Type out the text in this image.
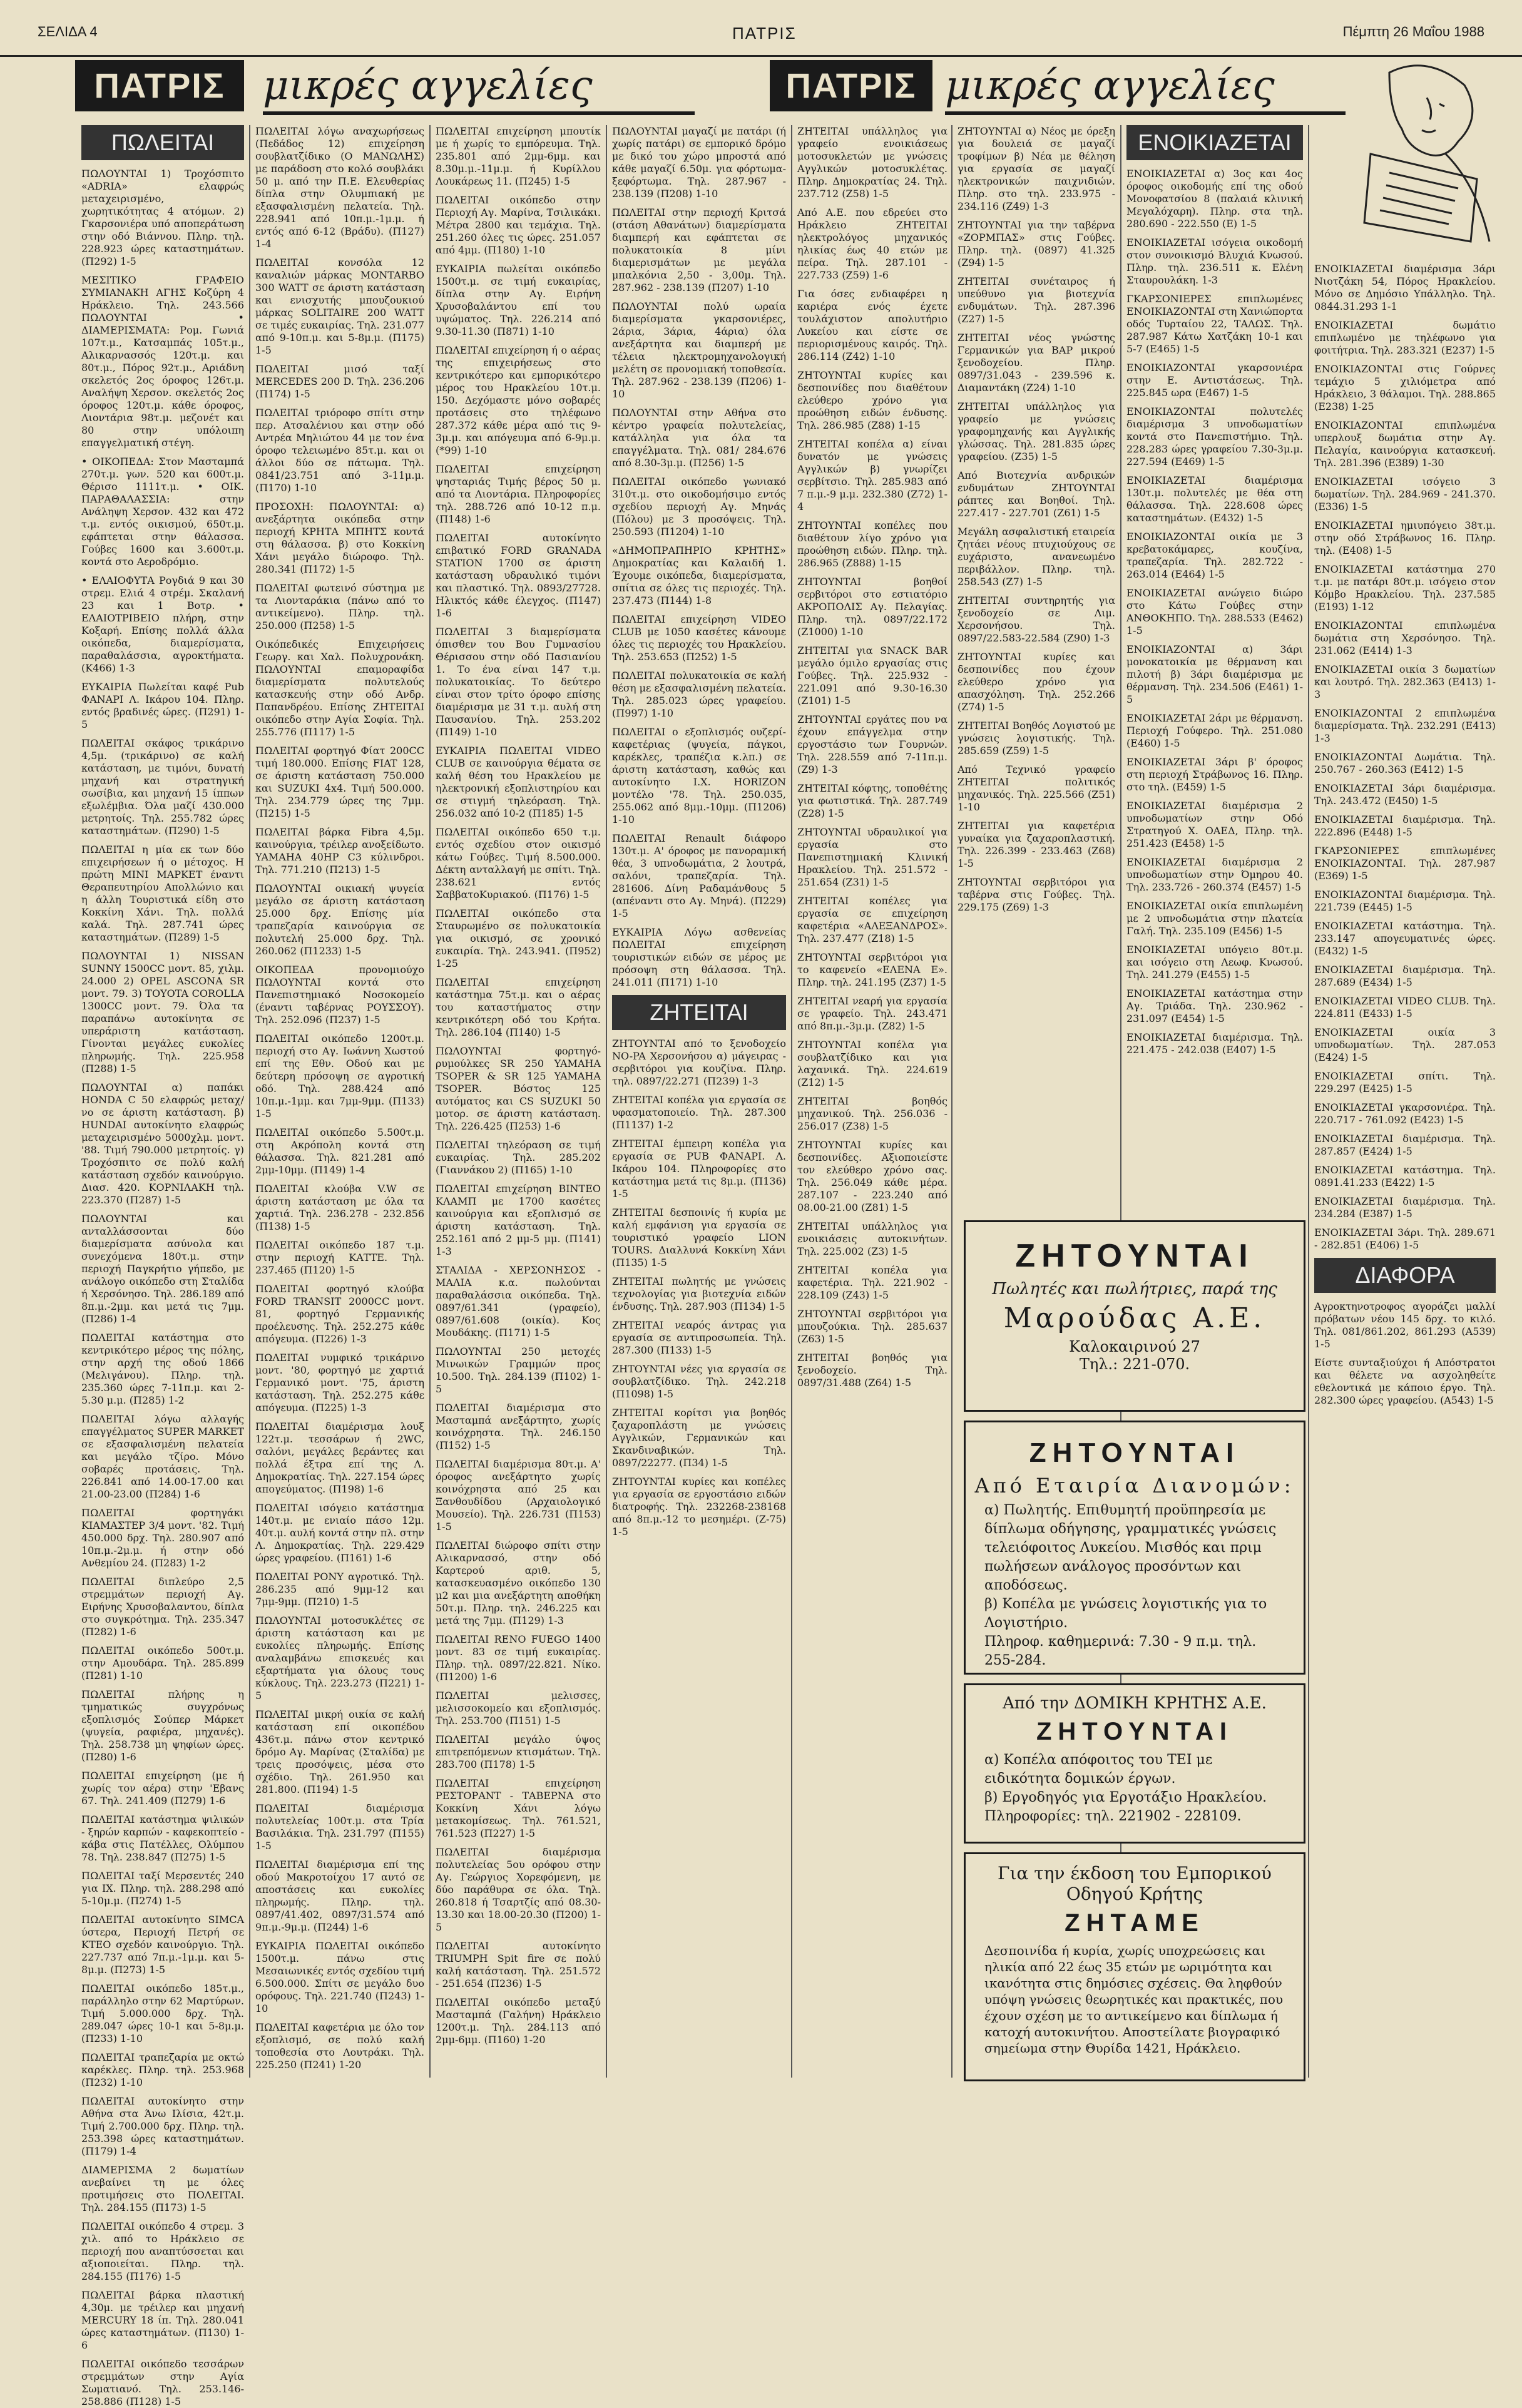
ΣΕΛΙΔΑ 4	ΠΑΤΡΙΣ	Πέμπτη 26 Μαΐου 1988
ΠΑΤΡΙΣ μικρές αγγελίες	ΠΑΤΡΙΣ μικρές αγγελίες
ΠΩΛΕΙΤΑΙ

ΠΩΛΟΥΝΤΑΙ 1) Τροχόσπιτο «ADRIA» ελαφρώς μεταχειρισμένο, χωρητικότητας 4 ατόμων. 2) Γκαρσονιέρα υπό αποπεράτωση στην οδό Βιάννου. Πληρ. τηλ. 228.923 ώρες καταστημάτων. (Π292) 1-5

ΜΕΣΙΤΙΚΟ ΓΡΑΦΕΙΟ ΣΥΜΙΑΝΑΚΗ ΑΓΗΣ Κοζύρη 4 Ηράκλειο. Τηλ. 243.566 ΠΩΛΟΥΝΤΑΙ • ΔΙΑΜΕΡΙΣΜΑΤΑ: Ρομ. Γωνιά 107τ.μ., Κατσαμπάς 105τ.μ., Αλικαρνασσός 120τ.μ. και 80τ.μ., Πόρος 92τ.μ., Αριάδνη σκελετός 2ος όροφος 126τ.μ. Αναλήψη Χερσον. σκελετός 2ος όροφος 120τ.μ. κάθε όροφος, Λιοντάρια 98τ.μ. μεζονέτ και 80 στην υπόλοιπη επαγγελματική στέγη.

• ΟΙΚΟΠΕΔΑ: Στον Μασταμπά 270τ.μ. γων. 520 και 600τ.μ. Θέρισο 1111τ.μ. • ΟΙΚ. ΠΑΡΑΘΑΛΑΣΣΙΑ: στην Ανάληψη Χερσον. 432 και 472 τ.μ. εντός οικισμού, 650τ.μ. εφάπτεται στην θάλασσα. Γούβες 1600 και 3.600τ.μ. κοντά στο Αεροδρόμιο.

• ΕΛΑΙΟΦΥΤΑ Ρογδιά 9 και 30 στρεμ. Ελιά 4 στρέμ. Σκαλανή 23 και 1 Βοτρ. • ΕΛΑΙΟΤΡΙΒΕΙΟ πλήρη, στην Κοξαρή. Επίσης πολλά άλλα οικόπεδα, διαμερίσματα, παραθαλάσσια, αγροκτήματα. (Κ466) 1-3

ΕΥΚΑΙΡΙΑ Πωλείται καφέ Pub ΦΑΝΑΡΙ Λ. Ικάρου 104. Πληρ. εντός βραδινές ώρες. (Π291) 1-5

ΠΩΛΕΙΤΑΙ σκάφος τρικάρινο 4,5μ. (τρικάρινο) σε καλή κατάσταση, με τιμόνι, δυνατή μηχανή και στρατηγική σωσίβια, και μηχανή 15 ίππων εξωλέμβια. Όλα μαζί 430.000 μετρητοίς. Τηλ. 255.782 ώρες καταστημάτων. (Π290) 1-5

ΠΩΛΕΙΤΑΙ η μία εκ των δύο επιχειρήσεων ή ο μέτοχος. Η πρώτη ΜΙΝΙ ΜΑΡΚΕΤ έναντι Θεραπευτηρίου Απολλώνιο και η άλλη Τουριστικά είδη στο Κοκκίνη Χάνι. Τηλ. πολλά καλά. Τηλ. 287.741 ώρες καταστημάτων. (Π289) 1-5

ΠΩΛΟΥΝΤΑΙ 1) NISSAN SUNNY 1500CC μοντ. 85, χιλμ. 24.000 2) OPEL ASCONA SR μοντ. 79. 3) TOYOTA COROLLA 1300CC μοντ. 79. Όλα τα παραπάνω αυτοκίνητα σε υπεράριστη κατάσταση. Γίνονται μεγάλες ευκολίες πληρωμής. Τηλ. 225.958 (Π288) 1-5

ΠΩΛΟΥΝΤΑΙ α) παπάκι HONDA C 50 ελαφρώς μεταχ/νο σε άριστη κατάσταση. β) HUNDAI αυτοκίνητο ελαφρώς μεταχειρισμένο 5000χλμ. μοντ. '88. Τιμή 790.000 μετρητοίς. γ) Τροχόσπιτο σε πολύ καλή κατάσταση σχεδόν καινούργιο. Διασ. 420. ΚΟΡΝΙΛΑΚΗ τηλ. 223.370 (Π287) 1-5

ΠΩΛΟΥΝΤΑΙ και ανταλλάσσονται δύο διαμερίσματα ασύνολα και συνεχόμενα 180τ.μ. στην περιοχή Παγκρήτιο γήπεδο, με ανάλογο οικόπεδο στη Σταλίδα ή Χερσόνησο. Τηλ. 286.189 από 8π.μ.-2μμ. και μετά τις 7μμ. (Π286) 1-4

ΠΩΛΕΙΤΑΙ κατάστημα στο κεντρικότερο μέρος της πόλης, στην αρχή της οδού 1866 (Μελιγάνου). Πληρ. τηλ. 235.360 ώρες 7-11π.μ. και 2-5.30 μ.μ. (Π285) 1-2

ΠΩΛΕΙΤΑΙ λόγω αλλαγής επαγγέλματος SUPER MARKET σε εξασφαλισμένη πελατεία και μεγάλο τζίρο. Μόνο σοβαρές προτάσεις. Τηλ. 226.841 από 14.00-17.00 και 21.00-23.00 (Π284) 1-6

ΠΩΛΕΙΤΑΙ φορτηγάκι ΚΙΑΜΑΣΤΕΡ 3/4 μοντ. '82. Τιμή 450.000 δρχ. Τηλ. 280.907 από 10π.μ.-2μ.μ. ή στην οδό Ανθεμίου 24. (Π283) 1-2

ΠΩΛΕΙΤΑΙ διπλεύρο 2,5 στρεμμάτων περιοχή Αγ. Ειρήνης Χρυσοβαλαντου, δίπλα στο συγκρότημα. Τηλ. 235.347 (Π282) 1-6

ΠΩΛΕΙΤΑΙ οικόπεδο 500τ.μ. στην Αμουδάρα. Τηλ. 285.899 (Π281) 1-10

ΠΩΛΕΙΤΑΙ πλήρης η τμηματικώς συγχρόνως εξοπλισμός Σούπερ Μάρκετ (ψυγεία, ραφιέρα, μηχανές). Τηλ. 258.738 μη ψηφίων ώρες. (Π280) 1-6

ΠΩΛΕΙΤΑΙ επιχείρηση (με ή χωρίς τον αέρα) στην 'Εβανς 67. Τηλ. 241.409 (Π279) 1-6

ΠΩΛΕΙΤΑΙ κατάστημα ψιλικών - ξηρών καρπών - καφεκοπτείο - κάβα στις Πατέλλες, Ολύμπου 78. Τηλ. 238.847 (Π275) 1-5

ΠΩΛΕΙΤΑΙ ταξί Μερσεντές 240 για ΙΧ. Πληρ. τηλ. 288.298 από 5-10μ.μ. (Π274) 1-5

ΠΩΛΕΙΤΑΙ αυτοκίνητο SIMCA ύστερα, Περιοχή Πετρή σε ΚΤΕΟ σχεδόν καινούργιο. Τηλ. 227.737 από 7π.μ.-1μ.μ. και 5-8μ.μ. (Π273) 1-5

ΠΩΛΕΙΤΑΙ οικόπεδο 185τ.μ., παράλληλο στην 62 Μαρτύρων. Τιμή 5.000.000 δρχ. Τηλ. 289.047 ώρες 10-1 και 5-8μ.μ. (Π233) 1-10

ΠΩΛΕΙΤΑΙ τραπεζαρία με οκτώ καρέκλες. Πληρ. τηλ. 253.968 (Π232) 1-10

ΠΩΛΕΙΤΑΙ αυτοκίνητο στην Αθήνα στα Άνω Ιλίσια, 42τ.μ. Τιμή 2.700.000 δρχ. Πληρ. τηλ. 253.398 ώρες καταστημάτων. (Π179) 1-4

ΔΙΑΜΕΡΙΣΜΑ 2 δωματίων ανεβαίνει τη με όλες προτιμήσεις στο ΠΟΛΕΙΤΑΙ. Τηλ. 284.155 (Π173) 1-5

ΠΩΛΕΙΤΑΙ οικόπεδο 4 στρεμ. 3 χιλ. από το Ηράκλειο σε περιοχή που αναπτύσσεται και αξιοποιείται. Πληρ. τηλ. 284.155 (Π176) 1-5

ΠΩΛΕΙΤΑΙ βάρκα πλαστική 4,30μ. με τρέιλερ και μηχανή MERCURY 18 ίπ. Τηλ. 280.041 ώρες καταστημάτων. (Π130) 1-6

ΠΩΛΕΙΤΑΙ οικόπεδο τεσσάρων στρεμμάτων στην Αγία Σωματιανό. Τηλ. 253.146-258.886 (Π128) 1-5

ΠΩΛΕΙΤΑΙ λόγω αναχωρήσεως (Πεδάδος 12) επιχείρηση σουβλατζίδικο (Ο ΜΑΝΩΛΗΣ) με παράδοση στο κολό σουβλάκι 50 μ. από την Π.Ε. Ελευθερίας δίπλα στην Ολυμπιακή με εξασφαλισμένη πελατεία. Τηλ. 228.941 από 10π.μ.-1μ.μ. ή εντός από 6-12 (Βράδυ). (Π127) 1-4

ΠΩΛΕΙΤΑΙ κονσόλα 12 καναλιών μάρκας MONTARBO 300 WATT σε άριστη κατάσταση και ενισχυτής μπουζουκιού μάρκας SOLITAIRE 200 WATT σε τιμές ευκαιρίας. Τηλ. 231.077 από 9-10π.μ. και 5-8μ.μ. (Π175) 1-5

ΠΩΛΕΙΤΑΙ μισό ταξί MERCEDES 200 D. Τηλ. 236.206 (Π174) 1-5

ΠΩΛΕΙΤΑΙ τριόροφο σπίτι στην περ. Ατσαλένιου και στην οδό Αντρέα Μηλιώτου 44 με τον ένα όροφο τελειωμένο 85τ.μ. και οι άλλοι δύο σε πάτωμα. Τηλ. 0841/23.751 από 3-11μ.μ. (Π170) 1-10

ΠΡΟΣΟΧΗ: ΠΩΛΟΥΝΤΑΙ: α) ανεξάρτητα οικόπεδα στην περιοχή ΚΡΗΤΑ ΜΠΗΤΣ κοντά στη θάλασσα. β) στο Κοκκίνη Χάνι μεγάλο διώροφο. Τηλ. 280.341 (Π172) 1-5

ΠΩΛΕΙΤΑΙ φωτεινό σύστημα με τα Λιονταράκια (πάνω από το αντικείμενο). Πληρ. τηλ. 250.000 (Π258) 1-5

Οικόπεδικές Επιχειρήσεις Γεωργ. και Χαλ. Πολυχρονάκη. ΠΩΛΟΥΝΤΑΙ επαμοραφίδα διαμερίσματα πολυτελούς κατασκευής στην οδό Ανδρ. Παπανδρέου. Επίσης ΖΗΤΕΙΤΑΙ οικόπεδο στην Αγία Σοφία. Τηλ. 255.776 (Π117) 1-5

ΠΩΛΕΙΤΑΙ φορτηγό Φίατ 200CC τιμή 180.000. Επίσης FIAT 128, σε άριστη κατάσταση 750.000 και SUZUKI 4x4. Τιμή 500.000. Τηλ. 234.779 ώρες της 7μμ. (Π215) 1-5

ΠΩΛΕΙΤΑΙ βάρκα Fibra 4,5μ. καινούργια, τρέιλερ ανοξείδωτο. YAMAHA 40HP C3 κύλινδροι. Τηλ. 771.210 (Π213) 1-5

ΠΩΛΟΥΝΤΑΙ οικιακή ψυγεία μεγάλο σε άριστη κατάσταση 25.000 δρχ. Επίσης μία τραπεζαρία καινούργια σε πολυτελή 25.000 δρχ. Τηλ. 260.062 (Π1233) 1-5

ΟΙΚΟΠΕΔΑ προνομιούχο ΠΩΛΟΥΝΤΑΙ κοντά στο Πανεπιστημιακό Νοσοκομείο (έναντι ταβέρνας ΡΟΥΣΣΟΥ). Τηλ. 252.096 (Π237) 1-5

ΠΩΛΕΙΤΑΙ οικόπεδο 1200τ.μ. περιοχή στο Αγ. Ιωάννη Χωστού επί της Εθν. Οδού και με δεύτερη πρόσοψη σε αγροτική οδό. Τηλ. 288.424 από 10π.μ.-1μμ. και 7μμ-9μμ. (Π133) 1-5

ΠΩΛΕΙΤΑΙ οικόπεδο 5.500τ.μ. στη Ακρόπολη κοντά στη θάλασσα. Τηλ. 821.281 από 2μμ-10μμ. (Π149) 1-4

ΠΩΛΕΙΤΑΙ κλούβα V.W σε άριστη κατάσταση με όλα τα χαρτιά. Τηλ. 236.278 - 232.856 (Π138) 1-5

ΠΩΛΕΙΤΑΙ οικόπεδο 187 τ.μ. στην περιοχή ΚΑΤΤΕ. Τηλ. 237.465 (Π120) 1-5

ΠΩΛΕΙΤΑΙ φορτηγό κλούβα FORD TRANSIT 2000CC μοντ. 81, φορτηγό Γερμανικής προέλευσης. Τηλ. 252.275 κάθε απόγευμα. (Π226) 1-3

ΠΩΛΕΙΤΑΙ νυμφικό τρικάρινο μοντ. '80, φορτηγό με χαρτιά Γερμανικό μοντ. '75, άριστη κατάσταση. Τηλ. 252.275 κάθε απόγευμα. (Π225) 1-3

ΠΩΛΕΙΤΑΙ διαμέρισμα λουξ 122τ.μ. τεσσάρων ή 2WC, σαλόνι, μεγάλες βεράντες και πολλά έξτρα επί της Λ. Δημοκρατίας. Τηλ. 227.154 ώρες απογεύματος. (Π198) 1-6

ΠΩΛΕΙΤΑΙ ισόγειο κατάστημα 140τ.μ. με ενιαίο πάσο 12μ. 40τ.μ. αυλή κοντά στην πλ. στην Λ. Δημοκρατίας. Τηλ. 229.429 ώρες γραφείου. (Π161) 1-6

ΠΩΛΕΙΤΑΙ PONY αγροτικό. Τηλ. 286.235 από 9μμ-12 και 7μμ-9μμ. (Π210) 1-5

ΠΩΛΟΥΝΤΑΙ μοτοσυκλέτες σε άριστη κατάσταση και με ευκολίες πληρωμής. Επίσης αναλαμβάνω επισκευές και εξαρτήματα για όλους τους κύκλους. Τηλ. 223.273 (Π221) 1-5

ΠΩΛΕΙΤΑΙ μικρή οικία σε καλή κατάσταση επί οικοπέδου 436τ.μ. πάνω στον κεντρικό δρόμο Αγ. Μαρίνας (Σταλίδα) με τρεις προσόψεις, μέσα στο σχέδιο. Τηλ. 261.950 και 281.800. (Π194) 1-5

ΠΩΛΕΙΤΑΙ διαμέρισμα πολυτελείας 100τ.μ. στα Τρία Βασιλάκια. Τηλ. 231.797 (Π155) 1-5

ΠΩΛΕΙΤΑΙ διαμέρισμα επί της οδού Μακροτοίχου 17 αυτό σε αποστάσεις και ευκολίες πληρωμής. Πληρ. τηλ. 0897/41.402, 0897/31.574 από 9π.μ.-9μ.μ. (Π244) 1-6

ΕΥΚΑΙΡΙΑ ΠΩΛΕΙΤΑΙ οικόπεδο 1500τ.μ. πάνω στις Μεσαιωνικές εντός σχεδίου τιμή 6.500.000. Σπίτι σε μεγάλο δυο ορόφους. Τηλ. 221.740 (Π243) 1-10

ΠΩΛΕΙΤΑΙ καφετέρια με όλο τον εξοπλισμό, σε πολύ καλή τοποθεσία στο Λουτράκι. Τηλ. 225.250 (Π241) 1-20

ΠΩΛΕΙΤΑΙ επιχείρηση μπουτίκ με ή χωρίς το εμπόρευμα. Τηλ. 235.801 από 2μμ-6μμ. και 8.30μ.μ.-11μ.μ. ή Κυρίλλου Λουκάρεως 11. (Π245) 1-5

ΠΩΛΕΙΤΑΙ οικόπεδο στην Περιοχή Αγ. Μαρίνα, Τσιλικάκι. Μέτρα 2800 και τεμάχια. Τηλ. 251.260 όλες τις ώρες. 251.057 από 4μμ. (Π180) 1-10

ΕΥΚΑΙΡΙΑ πωλείται οικόπεδο 1500τ.μ. σε τιμή ευκαιρίας, δίπλα στην Αγ. Ειρήνη Χρυσοβαλάντου επί του υψώματος. Τηλ. 226.214 από 9.30-11.30 (Π871) 1-10

ΠΩΛΕΙΤΑΙ επιχείρηση ή ο αέρας της επιχειρήσεως στο κεντρικότερο και εμπορικότερο μέρος του Ηρακλείου 10τ.μ. 150. Δεχόμαστε μόνο σοβαρές προτάσεις στο τηλέφωνο 287.372 κάθε μέρα από τις 9-3μ.μ. και απόγευμα από 6-9μ.μ. (*99) 1-10

ΠΩΛΕΙΤΑΙ επιχείρηση ψησταριάς Τιμής βέρος 50 μ. από τα Λιοντάρια. Πληροφορίες τηλ. 288.726 από 10-12 π.μ. (Π148) 1-6

ΠΩΛΕΙΤΑΙ αυτοκίνητο επιβατικό FORD GRANADA STATION 1700 σε άριστη κατάσταση υδραυλικό τιμόνι και πλαστικό. Τηλ. 0893/27728. Ηλικτός κάθε έλεγχος. (Π147) 1-6

ΠΩΛΕΙΤΑΙ 3 διαμερίσματα όπισθεν του Βου Γυμνασίου Θέρισσου στην οδό Πασιανίου 1. Το ένα είναι 147 τ.μ. πολυκατοικίας. Το δεύτερο είναι στον τρίτο όροφο επίσης διαμέρισμα με 31 τ.μ. αυλή στη Παυσανίου. Τηλ. 253.202 (Π149) 1-10

ΕΥΚΑΙΡΙΑ ΠΩΛΕΙΤΑΙ VIDEO CLUB σε καινούργια θέματα σε καλή θέση του Ηρακλείου με ηλεκτρονική εξοπλιστηρίου και σε στιγμή τηλεόραση. Τηλ. 256.032 από 10-2 (Π185) 1-5

ΠΩΛΕΙΤΑΙ οικόπεδο 650 τ.μ. εντός σχεδίου στον οικισμό κάτω Γούβες. Τιμή 8.500.000. Δέκτη ανταλλαγή με σπίτι. Τηλ. 238.621 εντός ΣαββατοΚυριακού. (Π176) 1-5

ΠΩΛΕΙΤΑΙ οικόπεδο στα Σταυρωμένο σε πολυκατοικία για οικισμό, σε χρονικό ευκαιρία. Τηλ. 243.941. (Π952) 1-25

ΠΩΛΕΙΤΑΙ επιχείρηση κατάστημα 75τ.μ. και ο αέρας του καταστήματος στην κεντρικότερη οδό του Κρήτα. Τηλ. 286.104 (Π140) 1-5

ΠΩΛΟΥΝΤΑΙ φορτηγό-ρυμούλκες SR 250 YAMAHA TSOPER & SR 125 YAMAHA TSOPER. Βόστος 125 αυτόματος και CS SUZUKI 50 μοτορ. σε άριστη κατάσταση. Τηλ. 226.425 (Π253) 1-6

ΠΩΛΕΙΤΑΙ τηλεόραση σε τιμή ευκαιρίας. Τηλ. 285.202 (Γιαννάκου 2) (Π165) 1-10

ΠΩΛΕΙΤΑΙ επιχείρηση ΒΙΝΤΕΟ ΚΛΑΜΠ με 1700 κασέτες καινούργια και εξοπλισμό σε άριστη κατάσταση. Τηλ. 252.161 από 2 μμ-5 μμ. (Π141) 1-3

ΣΤΑΛΙΔΑ - ΧΕΡΣΟΝΗΣΟΣ - ΜΑΛΙΑ κ.α. πωλούνται παραθαλάσσια οικόπεδα. Τηλ. 0897/61.341 (γραφείο), 0897/61.608 (οικία). Κος Μουδάκης. (Π171) 1-5

ΠΩΛΟΥΝΤΑΙ 250 μετοχές Μινωικών Γραμμών προς 10.500. Τηλ. 284.139 (Π102) 1-5

ΠΩΛΕΙΤΑΙ διαμέρισμα στο Μασταμπά ανεξάρτητο, χωρίς κοινόχρηστα. Τηλ. 246.150 (Π152) 1-5

ΠΩΛΕΙΤΑΙ διαμέρισμα 80τ.μ. Α' όροφος ανεξάρτητο χωρίς κοινόχρηστα από 25 και Ξανθουδίδου (Αρχαιολογικό Μουσείο). Τηλ. 226.731 (Π153) 1-5

ΠΩΛΕΙΤΑΙ διώροφο σπίτι στην Αλικαρνασσό, στην οδό Καρτερού αριθ. 5, κατασκευασμένο οικόπεδο 130 μ2 και μια ανεξάρτητη αποθήκη 50τ.μ. Πληρ. τηλ. 246.225 και μετά της 7μμ. (Π129) 1-3

ΠΩΛΕΙΤΑΙ RENO FUEGO 1400 μοντ. 83 σε τιμή ευκαιρίας. Πληρ. τηλ. 0897/22.821. Νίκο. (Π1200) 1-6

ΠΩΛΕΙΤΑΙ μελισσες, μελισσοκομείο και εξοπλισμός. Τηλ. 253.700 (Π151) 1-5

ΠΩΛΕΙΤΑΙ μεγάλο ύψος επιτρεπόμενων κτισμάτων. Τηλ. 283.700 (Π178) 1-5

ΠΩΛΕΙΤΑΙ επιχείρηση ΡΕΣΤΟΡΑΝΤ - ΤΑΒΕΡΝΑ στο Κοκκίνη Χάνι λόγω μετακομίσεως. Τηλ. 761.521, 761.523 (Π227) 1-5

ΠΩΛΕΙΤΑΙ διαμέρισμα πολυτελείας 5ου ορόφου στην Αγ. Γεώργιος Χορεφόμενη, με δύο παράθυρα σε όλα. Τηλ. 260.818 ή Τσαρτζίς από 08.30-13.30 και 18.00-20.30 (Π200) 1-5

ΠΩΛΕΙΤΑΙ αυτοκίνητο TRIUMPH Spit fire σε πολύ καλή κατάσταση. Τηλ. 251.572 - 251.654 (Π236) 1-5

ΠΩΛΕΙΤΑΙ οικόπεδο μεταξύ Μασταμπά (Γαλήνη) Ηράκλειο 1200τ.μ. Τηλ. 284.113 από 2μμ-6μμ. (Π160) 1-20

ΠΩΛΟΥΝΤΑΙ μαγαζί με πατάρι (ή χωρίς πατάρι) σε εμπορικό δρόμο με δικό του χώρο μπροστά από κάθε μαγαζί 6.50μ. για φόρτωμα-ξεφόρτωμα. Τηλ. 287.967 - 238.139 (Π208) 1-10

ΠΩΛΕΙΤΑΙ στην περιοχή Κριτσά (στάση Αθανάτων) διαμερίσματα διαμπερή και εφάπτεται σε πολυκατοικία 8 μίνι διαμερισμάτων με μεγάλα μπαλκόνια 2,50 - 3,00μ. Τηλ. 287.962 - 238.139 (Π207) 1-10

ΠΩΛΟΥΝΤΑΙ πολύ ωραία διαμερίσματα γκαρσονιέρες, 2άρια, 3άρια, 4άρια) όλα ανεξάρτητα και διαμπερή με τέλεια ηλεκτρομηχανολογική μελέτη σε προνομιακή τοποθεσία. Τηλ. 287.962 - 238.139 (Π206) 1-10

ΠΩΛΟΥΝΤΑΙ στην Αθήνα στο κέντρο γραφεία πολυτελείας, κατάλληλα για όλα τα επαγγέλματα. Τηλ. 081/ 284.676 από 8.30-3μ.μ. (Π256) 1-5

ΠΩΛΕΙΤΑΙ οικόπεδο γωνιακό 310τ.μ. στο οικοδομήσιμο εντός σχεδίου περιοχή Αγ. Μηνάς (Πόλου) με 3 προσόψεις. Τηλ. 250.593 (Π1204) 1-10

«ΔΗΜΟΠΡΑΠΗΡΙΟ ΚΡΗΤΗΣ» Δημοκρατίας και Καλαιδή 1. Έχουμε οικόπεδα, διαμερίσματα, σπίτια σε όλες τις περιοχές. Τηλ. 237.473 (Π144) 1-8

ΠΩΛΕΙΤΑΙ επιχείρηση VIDEO CLUB με 1050 κασέτες κάνουμε όλες τις περιοχές του Ηρακλείου. Τηλ. 253.653 (Π252) 1-5

ΠΩΛΕΙΤΑΙ πολυκατοικία σε καλή θέση με εξασφαλισμένη πελατεία. Τηλ. 285.023 ώρες γραφείου. (Π997) 1-10

ΠΩΛΕΙΤΑΙ ο εξοπλισμός ουζερί-καφετέριας (ψυγεία, πάγκοι, καρέκλες, τραπέζια κ.λπ.) σε άριστη κατάσταση, καθώς και αυτοκίνητο I.X. HORIZON μοντέλο '78. Τηλ. 250.035, 255.062 από 8μμ.-10μμ. (Π1206) 1-10

ΠΩΛΕΙΤΑΙ Renault διάφορο 130τ.μ. Α' όροφος με πανοραμική θέα, 3 υπνοδωμάτια, 2 λουτρά, σαλόνι, τραπεζαρία. Τηλ. 281606. Δίνη Ραδαμάνθους 5 (απέναντι στο Αγ. Μηνά). (Π229) 1-5

ΕΥΚΑΙΡΙΑ Λόγω ασθενείας ΠΩΛΕΙΤΑΙ επιχείρηση τουριστικών ειδών σε μέρος με πρόσοψη στη θάλασσα. Τηλ. 241.011 (Π171) 1-10

ΖΗΤΕΙΤΑΙ

ΖΗΤΟΥΝΤΑΙ από το ξενοδοχείο NO-PA Χερσονήσου α) μάγειρας - σερβιτόροι για κουζίνα. Πληρ. τηλ. 0897/22.271 (Π239) 1-3

ΖΗΤΕΙΤΑΙ κοπέλα για εργασία σε υφασματοποιείο. Τηλ. 287.300 (Π1137) 1-2

ΖΗΤΕΙΤΑΙ έμπειρη κοπέλα για εργασία σε PUB ΦΑΝΑΡΙ. Λ. Ικάρου 104. Πληροφορίες στο κατάστημα μετά τις 8μ.μ. (Π136) 1-5

ΖΗΤΕΙΤΑΙ δεσποινίς ή κυρία με καλή εμφάνιση για εργασία σε τουριστικό γραφείο LION TOURS. Διαλλυνά Κοκκίνη Χάνι (Π135) 1-5

ΖΗΤΕΙΤΑΙ πωλητής με γνώσεις τεχνολογίας για βιοτεχνία ειδών ένδυσης. Τηλ. 287.903 (Π134) 1-5

ΖΗΤΕΙΤΑΙ νεαρός άντρας για εργασία σε αντιπροσωπεία. Τηλ. 287.300 (Π133) 1-5

ΖΗΤΟΥΝΤΑΙ νέες για εργασία σε σουβλατζίδικο. Τηλ. 242.218 (Π1098) 1-5

ΖΗΤΕΙΤΑΙ κορίτσι για βοηθός ζαχαροπλάστη με γνώσεις Αγγλικών, Γερμανικών και Σκανδιναβικών. Τηλ. 0897/22277. (Π34) 1-5

ΖΗΤΟΥΝΤΑΙ κυρίες και κοπέλες για εργασία σε εργοστάσιο ειδών διατροφής. Τηλ. 232268-238168 από 8π.μ.-12 το μεσημέρι. (Ζ-75) 1-5

ΖΗΤΕΙΤΑΙ υπάλληλος για γραφείο ενοικιάσεως μοτοσυκλετών με γνώσεις Αγγλικών μοτοσυκλέτας. Πληρ. Δημοκρατίας 24. Τηλ. 237.712 (Z58) 1-5

Από Α.Ε. που εδρεύει στο Ηράκλειο ΖΗΤΕΙΤΑΙ ηλεκτρολόγος μηχανικός ηλικίας έως 40 ετών με πείρα. Τηλ. 287.101 - 227.733 (Z59) 1-6

Για όσες ενδιαφέρει η καριέρα ενός έχετε τουλάχιστον απολυτήριο Λυκείου και είστε σε περιορισμένους καιρός. Τηλ. 286.114 (Z42) 1-10

ΖΗΤΟΥΝΤΑΙ κυρίες και δεσποινίδες που διαθέτουν ελεύθερο χρόνο για προώθηση ειδών ένδυσης. Τηλ. 286.985 (Z88) 1-15

ΖΗΤΕΙΤΑΙ κοπέλα α) είναι δυνατόν με γνώσεις Αγγλικών β) γνωρίζει σερβίτσιο. Τηλ. 285.983 από 7 π.μ.-9 μ.μ. 232.380 (Z72) 1-4

ΖΗΤΟΥΝΤΑΙ κοπέλες που διαθέτουν λίγο χρόνο για προώθηση ειδών. Πληρ. τηλ. 286.965 (Z888) 1-15

ΖΗΤΟΥΝΤΑΙ βοηθοί σερβιτόροι στο εστιατόριο ΑΚΡΟΠΟΛΙΣ Αγ. Πελαγίας. Πληρ. τηλ. 0897/22.172 (Z1000) 1-10

ΖΗΤΕΙΤΑΙ για SNACK BAR μεγάλο όμιλο εργασίας στις Γούβες. Τηλ. 225.932 - 221.091 από 9.30-16.30 (Z101) 1-5

ΖΗΤΟΥΝΤΑΙ εργάτες που να έχουν επάγγελμα στην εργοστάσιο των Γουρνών. Τηλ. 228.559 από 7-11π.μ. (Z9) 1-3

ΖΗΤΕΙΤΑΙ κόφτης, τοποθέτης για φωτιστικά. Τηλ. 287.749 (Z28) 1-5

ΖΗΤΟΥΝΤΑΙ υδραυλικοί για εργασία στο Πανεπιστημιακή Κλινική Ηρακλείου. Τηλ. 251.572 - 251.654 (Z31) 1-5

ΖΗΤΕΙΤΑΙ κοπέλες για εργασία σε επιχείρηση καφετέρια «ΑΛΕΞΑΝΔΡΟΣ». Τηλ. 237.477 (Z18) 1-5

ΖΗΤΟΥΝΤΑΙ σερβιτόροι για το καφενείο «ΕΛΕΝΑ Ε». Πληρ. τηλ. 241.195 (Z37) 1-5

ΖΗΤΕΙΤΑΙ νεαρή για εργασία σε γραφείο. Τηλ. 243.471 από 8π.μ.-3μ.μ. (Z82) 1-5

ΖΗΤΟΥΝΤΑΙ κοπέλα για σουβλατζίδικο και για λαχανικά. Τηλ. 224.619 (Z12) 1-5

ΖΗΤΕΙΤΑΙ βοηθός μηχανικού. Τηλ. 256.036 - 256.017 (Z38) 1-5

ΖΗΤΟΥΝΤΑΙ κυρίες και δεσποινίδες. Αξιοποιείστε τον ελεύθερο χρόνο σας. Τηλ. 256.049 κάθε μέρα. 287.107 - 223.240 από 08.00-21.00 (Z81) 1-5

ΖΗΤΕΙΤΑΙ υπάλληλος για ενοικιάσεις αυτοκινήτων. Τηλ. 225.002 (Z3) 1-5

ΖΗΤΕΙΤΑΙ κοπέλα για καφετέρια. Τηλ. 221.902 - 228.109 (Z43) 1-5

ΖΗΤΟΥΝΤΑΙ σερβιτόροι για μπουζούκια. Τηλ. 285.637 (Z63) 1-5

ΖΗΤΕΙΤΑΙ βοηθός για ξενοδοχείο. Τηλ. 0897/31.488 (Z64) 1-5

ΖΗΤΟΥΝΤΑΙ α) Νέος με όρεξη για δουλειά σε μαγαζί τροφίμων β) Νέα με θέληση για εργασία σε μαγαζί ηλεκτρονικών παιχνιδιών. Πληρ. στο τηλ. 233.975 - 234.116 (Z49) 1-3

ΖΗΤΟΥΝΤΑΙ για την ταβέρνα «ΖΟΡΜΠΑΣ» στις Γούβες. Πληρ. τηλ. (0897) 41.325 (Z94) 1-5

ΖΗΤΕΙΤΑΙ συνέταιρος ή υπεύθυνο για βιοτεχνία ενδυμάτων. Τηλ. 287.396 (Z27) 1-5

ΖΗΤΕΙΤΑΙ νέος γνώστης Γερμανικών για ΒΑΡ μικρού ξενοδοχείου. Πληρ. 0897/31.043 - 239.596 κ. Διαμαντάκη (Z24) 1-10

ΖΗΤΕΙΤΑΙ υπάλληλος για γραφείο με γνώσεις γραφομηχανής και Αγγλικής γλώσσας. Τηλ. 281.835 ώρες γραφείου. (Z35) 1-5

Από Βιοτεχνία ανδρικών ενδυμάτων ΖΗΤΟΥΝΤΑΙ ράπτες και Βοηθοί. Τηλ. 227.417 - 227.701 (Z61) 1-5

Μεγάλη ασφαλιστική εταιρεία ζητάει νέους πτυχιούχους σε ευχάριστο, ανανεωμένο περιβάλλον. Πληρ. τηλ. 258.543 (Z7) 1-5

ΖΗΤΕΙΤΑΙ συντηρητής για ξενοδοχείο σε Λιμ. Χερσονήσου. Τηλ. 0897/22.583-22.584 (Z90) 1-3

ΖΗΤΟΥΝΤΑΙ κυρίες και δεσποινίδες που έχουν ελεύθερο χρόνο για απασχόληση. Τηλ. 252.266 (Z74) 1-5

ΖΗΤΕΙΤΑΙ Βοηθός Λογιστού με γνώσεις λογιστικής. Τηλ. 285.659 (Z59) 1-5

Από Τεχνικό γραφείο ΖΗΤΕΙΤΑΙ πολιτικός μηχανικός. Τηλ. 225.566 (Z51) 1-10

ΖΗΤΕΙΤΑΙ για καφετέρια γυναίκα για ζαχαροπλαστική. Τηλ. 226.399 - 233.463 (Z68) 1-5

ΖΗΤΟΥΝΤΑΙ σερβιτόροι για ταβέρνα στις Γούβες. Τηλ. 229.175 (Z69) 1-3

ΕΝΟΙΚΙΑΖΕΤΑΙ

ΕΝΟΙΚΙΑΖΕΤΑΙ α) 3ος και 4ος όροφος οικοδομής επί της οδού Μονοφατσίου 8 (παλαιά κλινική Μεγαλόχαρη). Πληρ. στα τηλ. 280.690 - 222.550 (Ε) 1-5

ΕΝΟΙΚΙΑΖΕΤΑΙ ισόγεια οικοδομή στον συνοικισμό Βλυχιά Κνωσού. Πληρ. τηλ. 236.511 κ. Ελένη Σταυρουλάκη. 1-3

ΓΚΑΡΣΟΝΙΕΡΕΣ επιπλωμένες ΕΝΟΙΚΙΑΖΟΝΤΑΙ στη Χανιώπορτα οδός Τυρταίου 22, ΤΑΛΩΣ. Τηλ. 287.987 Κάτω Χατζάκη 10-1 και 5-7 (Ε465) 1-5

ΕΝΟΙΚΙΑΖΟΝΤΑΙ γκαρσονιέρα στην Ε. Αντιστάσεως. Τηλ. 225.845 ωρα (Ε467) 1-5

ΕΝΟΙΚΙΑΖΟΝΤΑΙ πολυτελές διαμέρισμα 3 υπνοδωματίων κοντά στο Πανεπιστήμιο. Τηλ. 228.283 ώρες γραφείου 7.30-3μ.μ. 227.594 (Ε469) 1-5

ΕΝΟΙΚΙΑΖΕΤΑΙ διαμέρισμα 130τ.μ. πολυτελές με θέα στη θάλασσα. Τηλ. 228.608 ώρες καταστημάτων. (Ε432) 1-5

ΕΝΟΙΚΙΑΖΟΝΤΑΙ οικία με 3 κρεβατοκάμαρες, κουζίνα, τραπεζαρία. Τηλ. 282.722 - 263.014 (Ε464) 1-5

ΕΝΟΙΚΙΑΖΕΤΑΙ ανώγειο διώρο στο Κάτω Γούβες στην ΑΝΘΟΚΗΠΟ. Τηλ. 288.533 (Ε462) 1-5

ΕΝΟΙΚΙΑΖΟΝΤΑΙ α) 3άρι μονοκατοικία με θέρμανση και πιλοτή β) 3άρι διαμέρισμα με θέρμανση. Τηλ. 234.506 (Ε461) 1-5

ΕΝΟΙΚΙΑΖΕΤΑΙ 2άρι με θέρμανση. Περιοχή Γούφερο. Τηλ. 251.080 (Ε460) 1-5

ΕΝΟΙΚΙΑΖΕΤΑΙ 3άρι β' όροφος στη περιοχή Στράβωνος 16. Πληρ. στο τηλ. (Ε459) 1-5

ΕΝΟΙΚΙΑΖΕΤΑΙ διαμέρισμα 2 υπνοδωματίων στην Οδό Στρατηγού Χ. ΟΑΕΔ, Πληρ. τηλ. 251.423 (Ε458) 1-5

ΕΝΟΙΚΙΑΖΕΤΑΙ διαμέρισμα 2 υπνοδωματίων στην Όμηρου 40. Τηλ. 233.726 - 260.374 (Ε457) 1-5

ΕΝΟΙΚΙΑΖΕΤΑΙ οικία επιπλωμένη με 2 υπνοδωμάτια στην πλατεία Γαλή. Τηλ. 235.109 (Ε456) 1-5

ΕΝΟΙΚΙΑΖΕΤΑΙ υπόγειο 80τ.μ. και ισόγειο στη Λεωφ. Κνωσού. Τηλ. 241.279 (Ε455) 1-5

ΕΝΟΙΚΙΑΖΕΤΑΙ κατάστημα στην Αγ. Τριάδα. Τηλ. 230.962 - 231.097 (Ε454) 1-5

ΕΝΟΙΚΙΑΖΕΤΑΙ διαμέρισμα. Τηλ. 221.475 - 242.038 (Ε407) 1-5

ΕΝΟΙΚΙΑΖΕΤΑΙ διαμέρισμα 3άρι Νιοτζάκη 54, Πόρος Ηρακλείου. Μόνο σε Δημόσιο Υπάλληλο. Τηλ. 0844.31.293 1-1

ΕΝΟΙΚΙΑΖΕΤΑΙ δωμάτιο επιπλωμένο με τηλέφωνο για φοιτήτρια. Τηλ. 283.321 (Ε237) 1-5

ΕΝΟΙΚΙΑΖΟΝΤΑΙ στις Γούρνες τεμάχιο 5 χιλιόμετρα από Ηράκλειο, 3 θάλαμοι. Τηλ. 288.865 (Ε238) 1-25

ΕΝΟΙΚΙΑΖΟΝΤΑΙ επιπλωμένα υπερλουξ δωμάτια στην Αγ. Πελαγία, καινούργια κατασκευή. Τηλ. 281.396 (Ε389) 1-30

ΕΝΟΙΚΙΑΖΕΤΑΙ ισόγειο 3 δωματίων. Τηλ. 284.969 - 241.370. (Ε336) 1-5

ΕΝΟΙΚΙΑΖΕΤΑΙ ημιυπόγειο 38τ.μ. στην οδό Στράβωνος 16. Πληρ. τηλ. (Ε408) 1-5

ΕΝΟΙΚΙΑΖΕΤΑΙ κατάστημα 270 τ.μ. με πατάρι 80τ.μ. ισόγειο στον Κόμβο Ηρακλείου. Τηλ. 237.585 (Ε193) 1-12

ΕΝΟΙΚΙΑΖΟΝΤΑΙ επιπλωμένα δωμάτια στη Χερσόνησο. Τηλ. 231.062 (Ε414) 1-3

ΕΝΟΙΚΙΑΖΕΤΑΙ οικία 3 δωματίων και λουτρό. Τηλ. 282.363 (Ε413) 1-3

ΕΝΟΙΚΙΑΖΟΝΤΑΙ 2 επιπλωμένα διαμερίσματα. Τηλ. 232.291 (Ε413) 1-3

ΕΝΟΙΚΙΑΖΟΝΤΑΙ Δωμάτια. Τηλ. 250.767 - 260.363 (Ε412) 1-5

ΕΝΟΙΚΙΑΖΕΤΑΙ 3άρι διαμέρισμα. Τηλ. 243.472 (Ε450) 1-5

ΕΝΟΙΚΙΑΖΕΤΑΙ διαμέρισμα. Τηλ. 222.896 (Ε448) 1-5

ΓΚΑΡΣΟΝΙΕΡΕΣ επιπλωμένες ΕΝΟΙΚΙΑΖΟΝΤΑΙ. Τηλ. 287.987 (Ε369) 1-5

ΕΝΟΙΚΙΑΖΟΝΤΑΙ διαμέρισμα. Τηλ. 221.739 (Ε445) 1-5

ΕΝΟΙΚΙΑΖΕΤΑΙ κατάστημα. Τηλ. 233.147 απογευματινές ώρες. (Ε432) 1-5

ΕΝΟΙΚΙΑΖΕΤΑΙ διαμέρισμα. Τηλ. 287.689 (Ε434) 1-5

ΕΝΟΙΚΙΑΖΕΤΑΙ VIDEO CLUB. Τηλ. 224.811 (Ε433) 1-5

ΕΝΟΙΚΙΑΖΕΤΑΙ οικία 3 υπνοδωματίων. Τηλ. 287.053 (Ε424) 1-5

ΕΝΟΙΚΙΑΖΕΤΑΙ σπίτι. Τηλ. 229.297 (Ε425) 1-5

ΕΝΟΙΚΙΑΖΕΤΑΙ γκαρσονιέρα. Τηλ. 220.717 - 761.092 (Ε423) 1-5

ΕΝΟΙΚΙΑΖΕΤΑΙ διαμέρισμα. Τηλ. 287.857 (Ε424) 1-5

ΕΝΟΙΚΙΑΖΕΤΑΙ κατάστημα. Τηλ. 0891.41.233 (Ε422) 1-5

ΕΝΟΙΚΙΑΖΕΤΑΙ διαμέρισμα. Τηλ. 234.284 (Ε387) 1-5

ΕΝΟΙΚΙΑΖΕΤΑΙ 3άρι. Τηλ. 289.671 - 282.851 (Ε406) 1-5

ΔΙΑΦΟΡΑ

Αγροκτηνοτροφος αγοράζει μαλλί πρόβατων νέου 145 δρχ. το κιλό. Τηλ. 081/861.202, 861.293 (Α539) 1-5

Είστε συνταξιούχοι ή Απόστρατοι και θέλετε να ασχοληθείτε εθελοντικά με κάποιο έργο. Τηλ. 282.300 ώρες γραφείου. (Α543) 1-5

ΖΗΤΟΥΝΤΑΙ
Πωλητές και πωλήτριες, παρά της
Μαρούδας Α.Ε.
Καλοκαιρινού 27
Τηλ.: 221-070.
ΖΗΤΟΥΝΤΑΙ
Από Εταιρία Διανομών:
α) Πωλητής. Επιθυμητή προϋπηρεσία με δίπλωμα οδήγησης, γραμματικές γνώσεις τελειόφοιτος Λυκείου. Μισθός και πριμ πωλήσεων ανάλογος προσόντων και αποδόσεως.
β) Κοπέλα με γνώσεις λογιστικής για το Λογιστήριο.
Πληροφ. καθημερινά: 7.30 - 9 π.μ. τηλ. 255-284.
Από την ΔΟΜΙΚΗ ΚΡΗΤΗΣ Α.Ε.
ΖΗΤΟΥΝΤΑΙ
α) Κοπέλα απόφοιτος του ΤΕΙ με ειδικότητα δομικών έργων.
β) Εργοδηγός για Εργοτάξιο Ηρακλείου.
Πληροφορίες: τηλ. 221902 - 228109.
Για την έκδοση του Εμπορικού
Οδηγού Κρήτης
ΖΗΤΑΜΕ
Δεσποινίδα ή κυρία, χωρίς υποχρεώσεις και ηλικία από 22 έως 35 ετών με ωριμότητα και ικανότητα στις δημόσιες σχέσεις. Θα ληφθούν υπόψη γνώσεις θεωρητικές και πρακτικές, που έχουν σχέση με το αντικείμενο και δίπλωμα ή κατοχή αυτοκινήτου. Αποστείλατε βιογραφικό σημείωμα στην Θυρίδα 1421, Ηράκλειο.
